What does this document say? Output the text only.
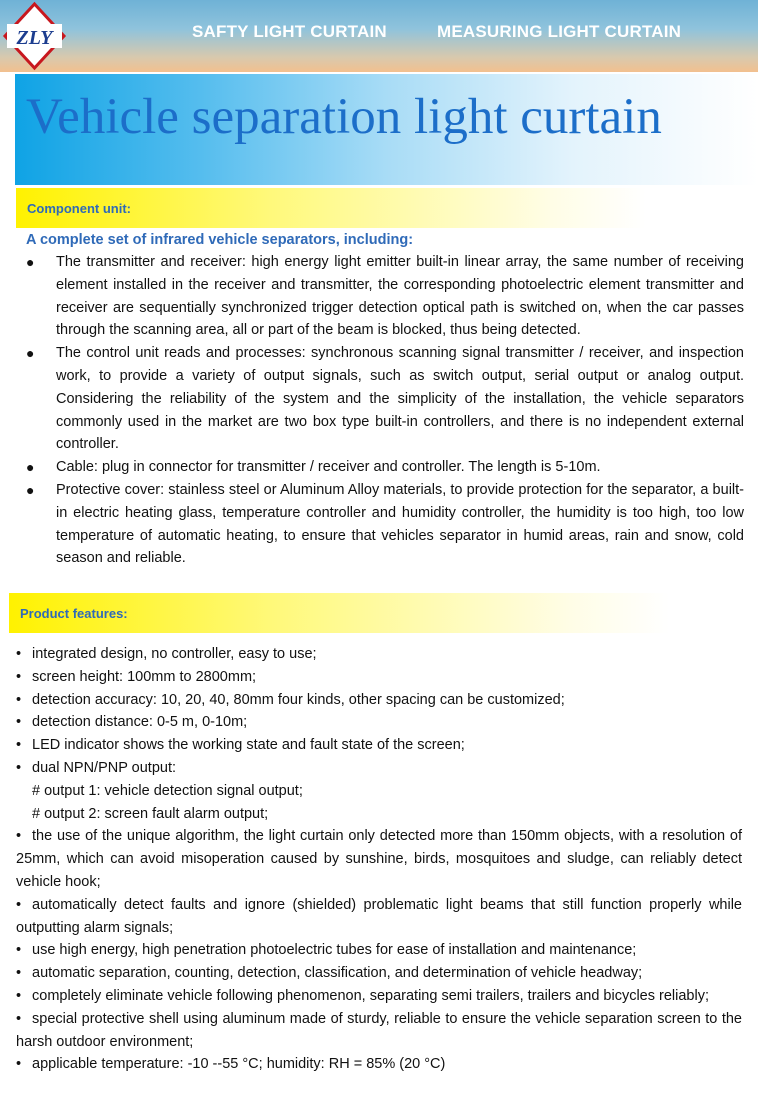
ZLY	SAFTY LIGHT CURTAIN	MEASURING LIGHT CURTAIN
Vehicle separation light curtain
Component unit:
A complete set of infrared vehicle separators, including:
● The transmitter and receiver: high energy light emitter built-in linear array, the same number of receiving element installed in the receiver and transmitter, the corresponding photoelectric element transmitter and receiver are sequentially synchronized trigger detection optical path is switched on, when the car passes through the scanning area, all or part of the beam is blocked, thus being detected.
● The control unit reads and processes: synchronous scanning signal transmitter / receiver, and inspection work, to provide a variety of output signals, such as switch output, serial output or analog output. Considering the reliability of the system and the simplicity of the installation, the vehicle separators commonly used in the market are two box type built-in controllers, and there is no independent external controller.
● Cable: plug in connector for transmitter / receiver and controller. The length is 5-10m.
● Protective cover: stainless steel or Aluminum Alloy materials, to provide protection for the separator, a built-in electric heating glass, temperature controller and humidity controller, the humidity is too high, too low temperature of automatic heating, to ensure that vehicles separator in humid areas, rain and snow, cold season and reliable.
Product features:
• integrated design, no controller, easy to use;
• screen height: 100mm to 2800mm;
• detection accuracy: 10, 20, 40, 80mm four kinds, other spacing can be customized;
• detection distance: 0-5 m, 0-10m;
• LED indicator shows the working state and fault state of the screen;
• dual NPN/PNP output:
# output 1: vehicle detection signal output;
# output 2: screen fault alarm output;
• the use of the unique algorithm, the light curtain only detected more than 150mm objects, with a resolution of 25mm, which can avoid misoperation caused by sunshine, birds, mosquitoes and sludge, can reliably detect vehicle hook;
• automatically detect faults and ignore (shielded) problematic light beams that still function properly while outputting alarm signals;
• use high energy, high penetration photoelectric tubes for ease of installation and maintenance;
• automatic separation, counting, detection, classification, and determination of vehicle headway;
• completely eliminate vehicle following phenomenon, separating semi trailers, trailers and bicycles reliably;
• special protective shell using aluminum made of sturdy, reliable to ensure the vehicle separation screen to the harsh outdoor environment;
• applicable temperature: -10 --55 °C; humidity: RH = 85% (20 °C)
